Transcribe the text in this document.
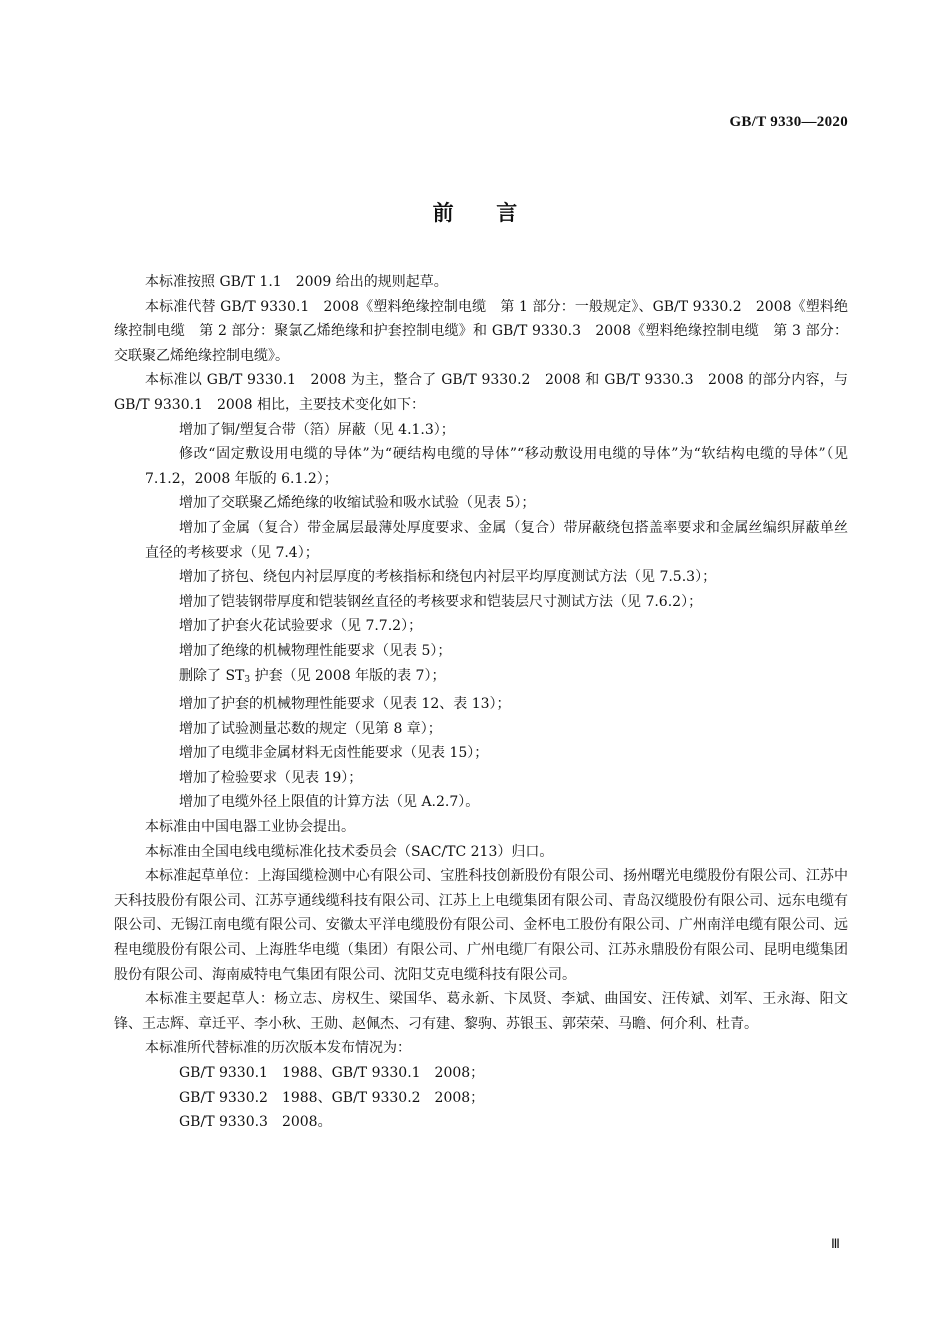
GB/T 9330—2020
前　　言

本标准按照 GB/T 1.1　2009 给出的规则起草。

本标准代替 GB/T 9330.1　2008《塑料绝缘控制电缆　第 1 部分：一般规定》、GB/T 9330.2　2008《塑料绝缘控制电缆　第 2 部分：聚氯乙烯绝缘和护套控制电缆》和 GB/T 9330.3　2008《塑料绝缘控制电缆　第 3 部分：交联聚乙烯绝缘控制电缆》。

本标准以 GB/T 9330.1　2008 为主，整合了 GB/T 9330.2　2008 和 GB/T 9330.3　2008 的部分内容，与 GB/T 9330.1　2008 相比，主要技术变化如下：

增加了铜/塑复合带（箔）屏蔽（见 4.1.3）；

修改“固定敷设用电缆的导体”为“硬结构电缆的导体”“移动敷设用电缆的导体”为“软结构电缆的导体”（见 7.1.2，2008 年版的 6.1.2）；

增加了交联聚乙烯绝缘的收缩试验和吸水试验（见表 5）；

增加了金属（复合）带金属层最薄处厚度要求、金属（复合）带屏蔽绕包搭盖率要求和金属丝编织屏蔽单丝直径的考核要求（见 7.4）；

增加了挤包、绕包内衬层厚度的考核指标和绕包内衬层平均厚度测试方法（见 7.5.3）；

增加了铠装钢带厚度和铠装钢丝直径的考核要求和铠装层尺寸测试方法（见 7.6.2）；

增加了护套火花试验要求（见 7.7.2）；

增加了绝缘的机械物理性能要求（见表 5）；

删除了 $ST_3$ 护套（见 2008 年版的表 7）；

增加了护套的机械物理性能要求（见表 12、表 13）；

增加了试验测量芯数的规定（见第 8 章）；

增加了电缆非金属材料无卤性能要求（见表 15）；

增加了检验要求（见表 19）；

增加了电缆外径上限值的计算方法（见 A.2.7）。

本标准由中国电器工业协会提出。

本标准由全国电线电缆标准化技术委员会（SAC/TC 213）归口。

本标准起草单位：上海国缆检测中心有限公司、宝胜科技创新股份有限公司、扬州曙光电缆股份有限公司、江苏中天科技股份有限公司、江苏亨通线缆科技有限公司、江苏上上电缆集团有限公司、青岛汉缆股份有限公司、远东电缆有限公司、无锡江南电缆有限公司、安徽太平洋电缆股份有限公司、金杯电工股份有限公司、广州南洋电缆有限公司、远程电缆股份有限公司、上海胜华电缆（集团）有限公司、广州电缆厂有限公司、江苏永鼎股份有限公司、昆明电缆集团股份有限公司、海南威特电气集团有限公司、沈阳艾克电缆科技有限公司。

本标准主要起草人：杨立志、房权生、梁国华、葛永新、卞凤贤、李斌、曲国安、汪传斌、刘军、王永海、阳文锋、王志辉、章迁平、李小秋、王勋、赵佩杰、刁有建、黎驹、苏银玉、郭荣荣、马瞻、何介利、杜青。

本标准所代替标准的历次版本发布情况为：

GB/T 9330.1　1988、GB/T 9330.1　2008；

GB/T 9330.2　1988、GB/T 9330.2　2008；

GB/T 9330.3　2008。

Ⅲ
